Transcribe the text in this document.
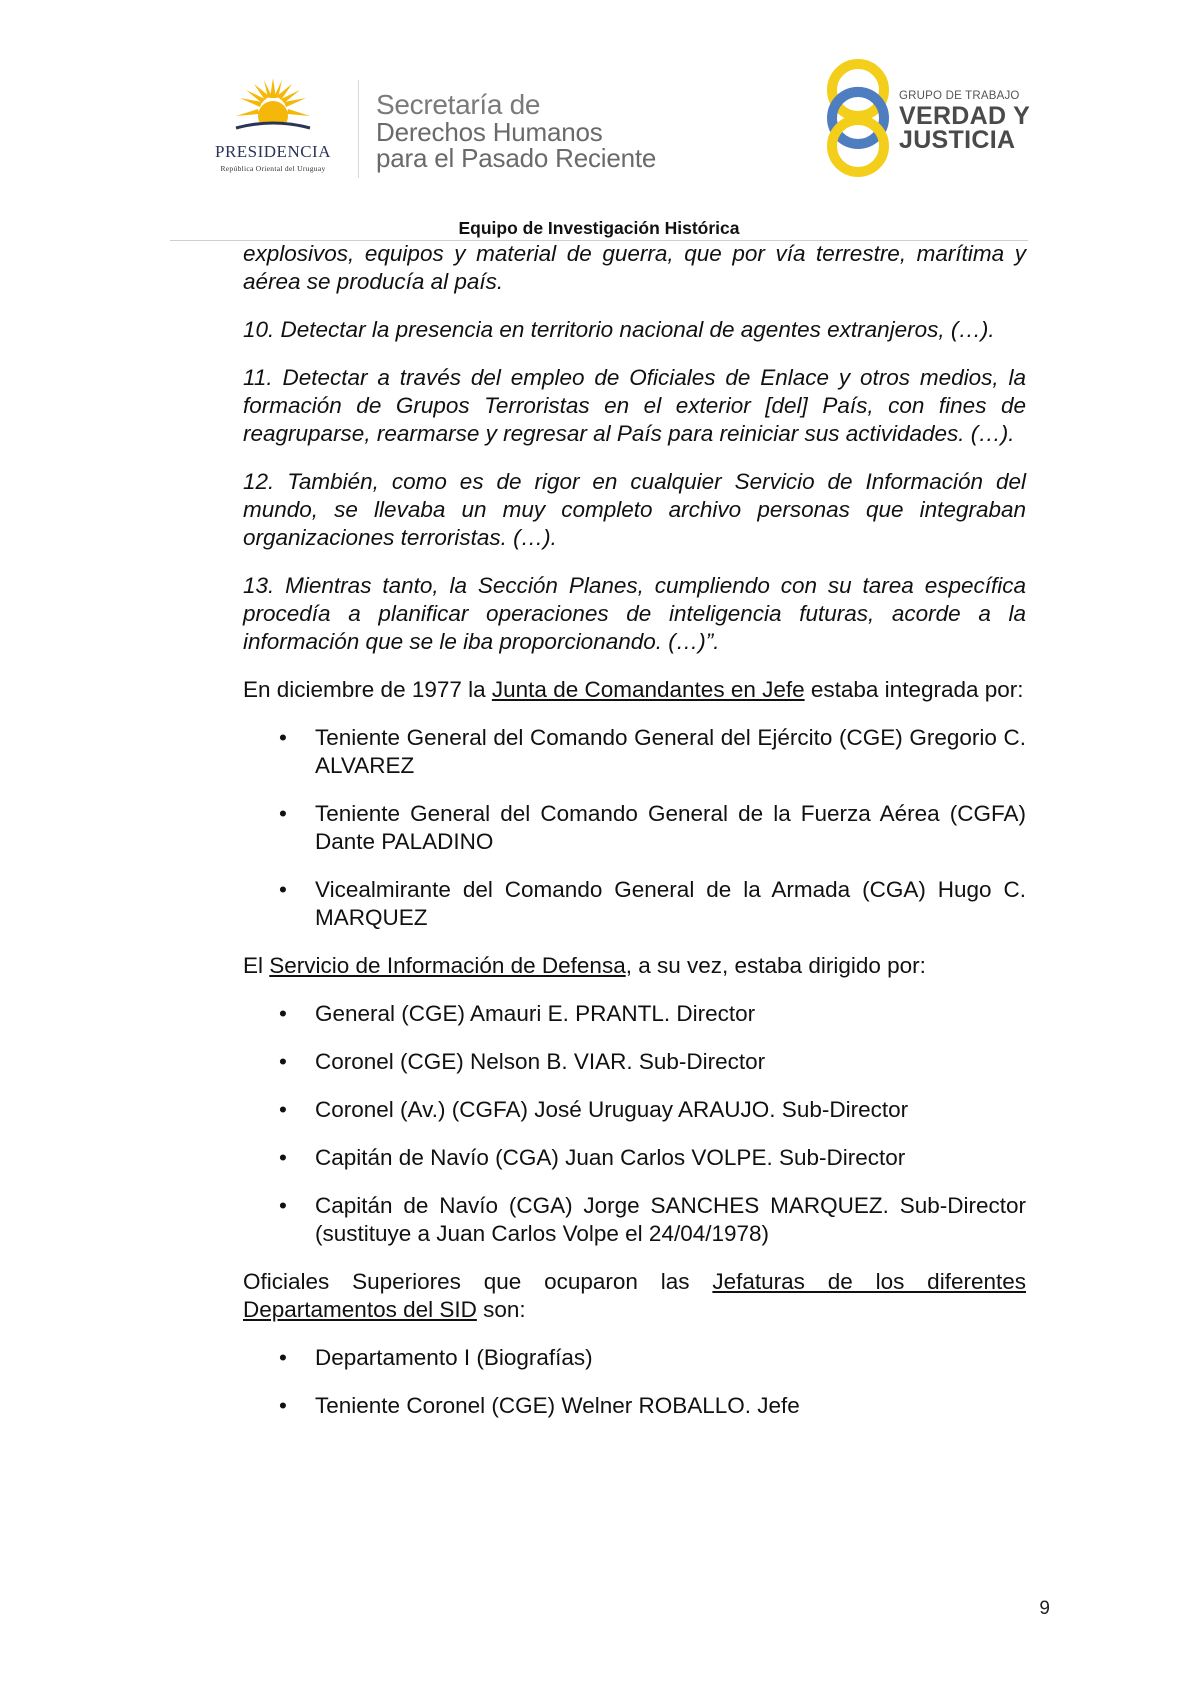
PRESIDENCIA
República Oriental del Uruguay
Secretaría de
Derechos Humanos
para el Pasado Reciente
GRUPO DE TRABAJO
VERDAD Y
JUSTICIA
Equipo de Investigación Histórica

explosivos, equipos y material de guerra, que por vía terrestre, marítima y aérea se producía al país.

10. Detectar la presencia en territorio nacional de agentes extranjeros, (…).

11. Detectar a través del empleo de Oficiales de Enlace y otros medios, la formación de Grupos Terroristas en el exterior [del] País, con fines de reagruparse, rearmarse y regresar al País para reiniciar sus actividades. (…).

12. También, como es de rigor en cualquier Servicio de Información del mundo, se llevaba un muy completo archivo personas que integraban organizaciones terroristas. (…).

13. Mientras tanto, la Sección Planes, cumpliendo con su tarea específica procedía a planificar operaciones de inteligencia futuras, acorde a la información que se le iba proporcionando. (…)”.

En diciembre de 1977 la Junta de Comandantes en Jefe estaba integrada por:

• Teniente General del Comando General del Ejército (CGE) Gregorio C. ALVAREZ
• Teniente General del Comando General de la Fuerza Aérea (CGFA) Dante PALADINO
• Vicealmirante del Comando General de la Armada (CGA) Hugo C. MARQUEZ

El Servicio de Información de Defensa, a su vez, estaba dirigido por:

• General (CGE) Amauri E. PRANTL. Director
• Coronel (CGE) Nelson B. VIAR. Sub-Director
• Coronel (Av.) (CGFA) José Uruguay ARAUJO. Sub-Director
• Capitán de Navío (CGA) Juan Carlos VOLPE. Sub-Director
• Capitán de Navío (CGA) Jorge SANCHES MARQUEZ. Sub-Director (sustituye a Juan Carlos Volpe el 24/04/1978)

Oficiales Superiores que ocuparon las Jefaturas de los diferentes Departamentos del SID son:

• Departamento I (Biografías)
• Teniente Coronel (CGE) Welner ROBALLO. Jefe
9
